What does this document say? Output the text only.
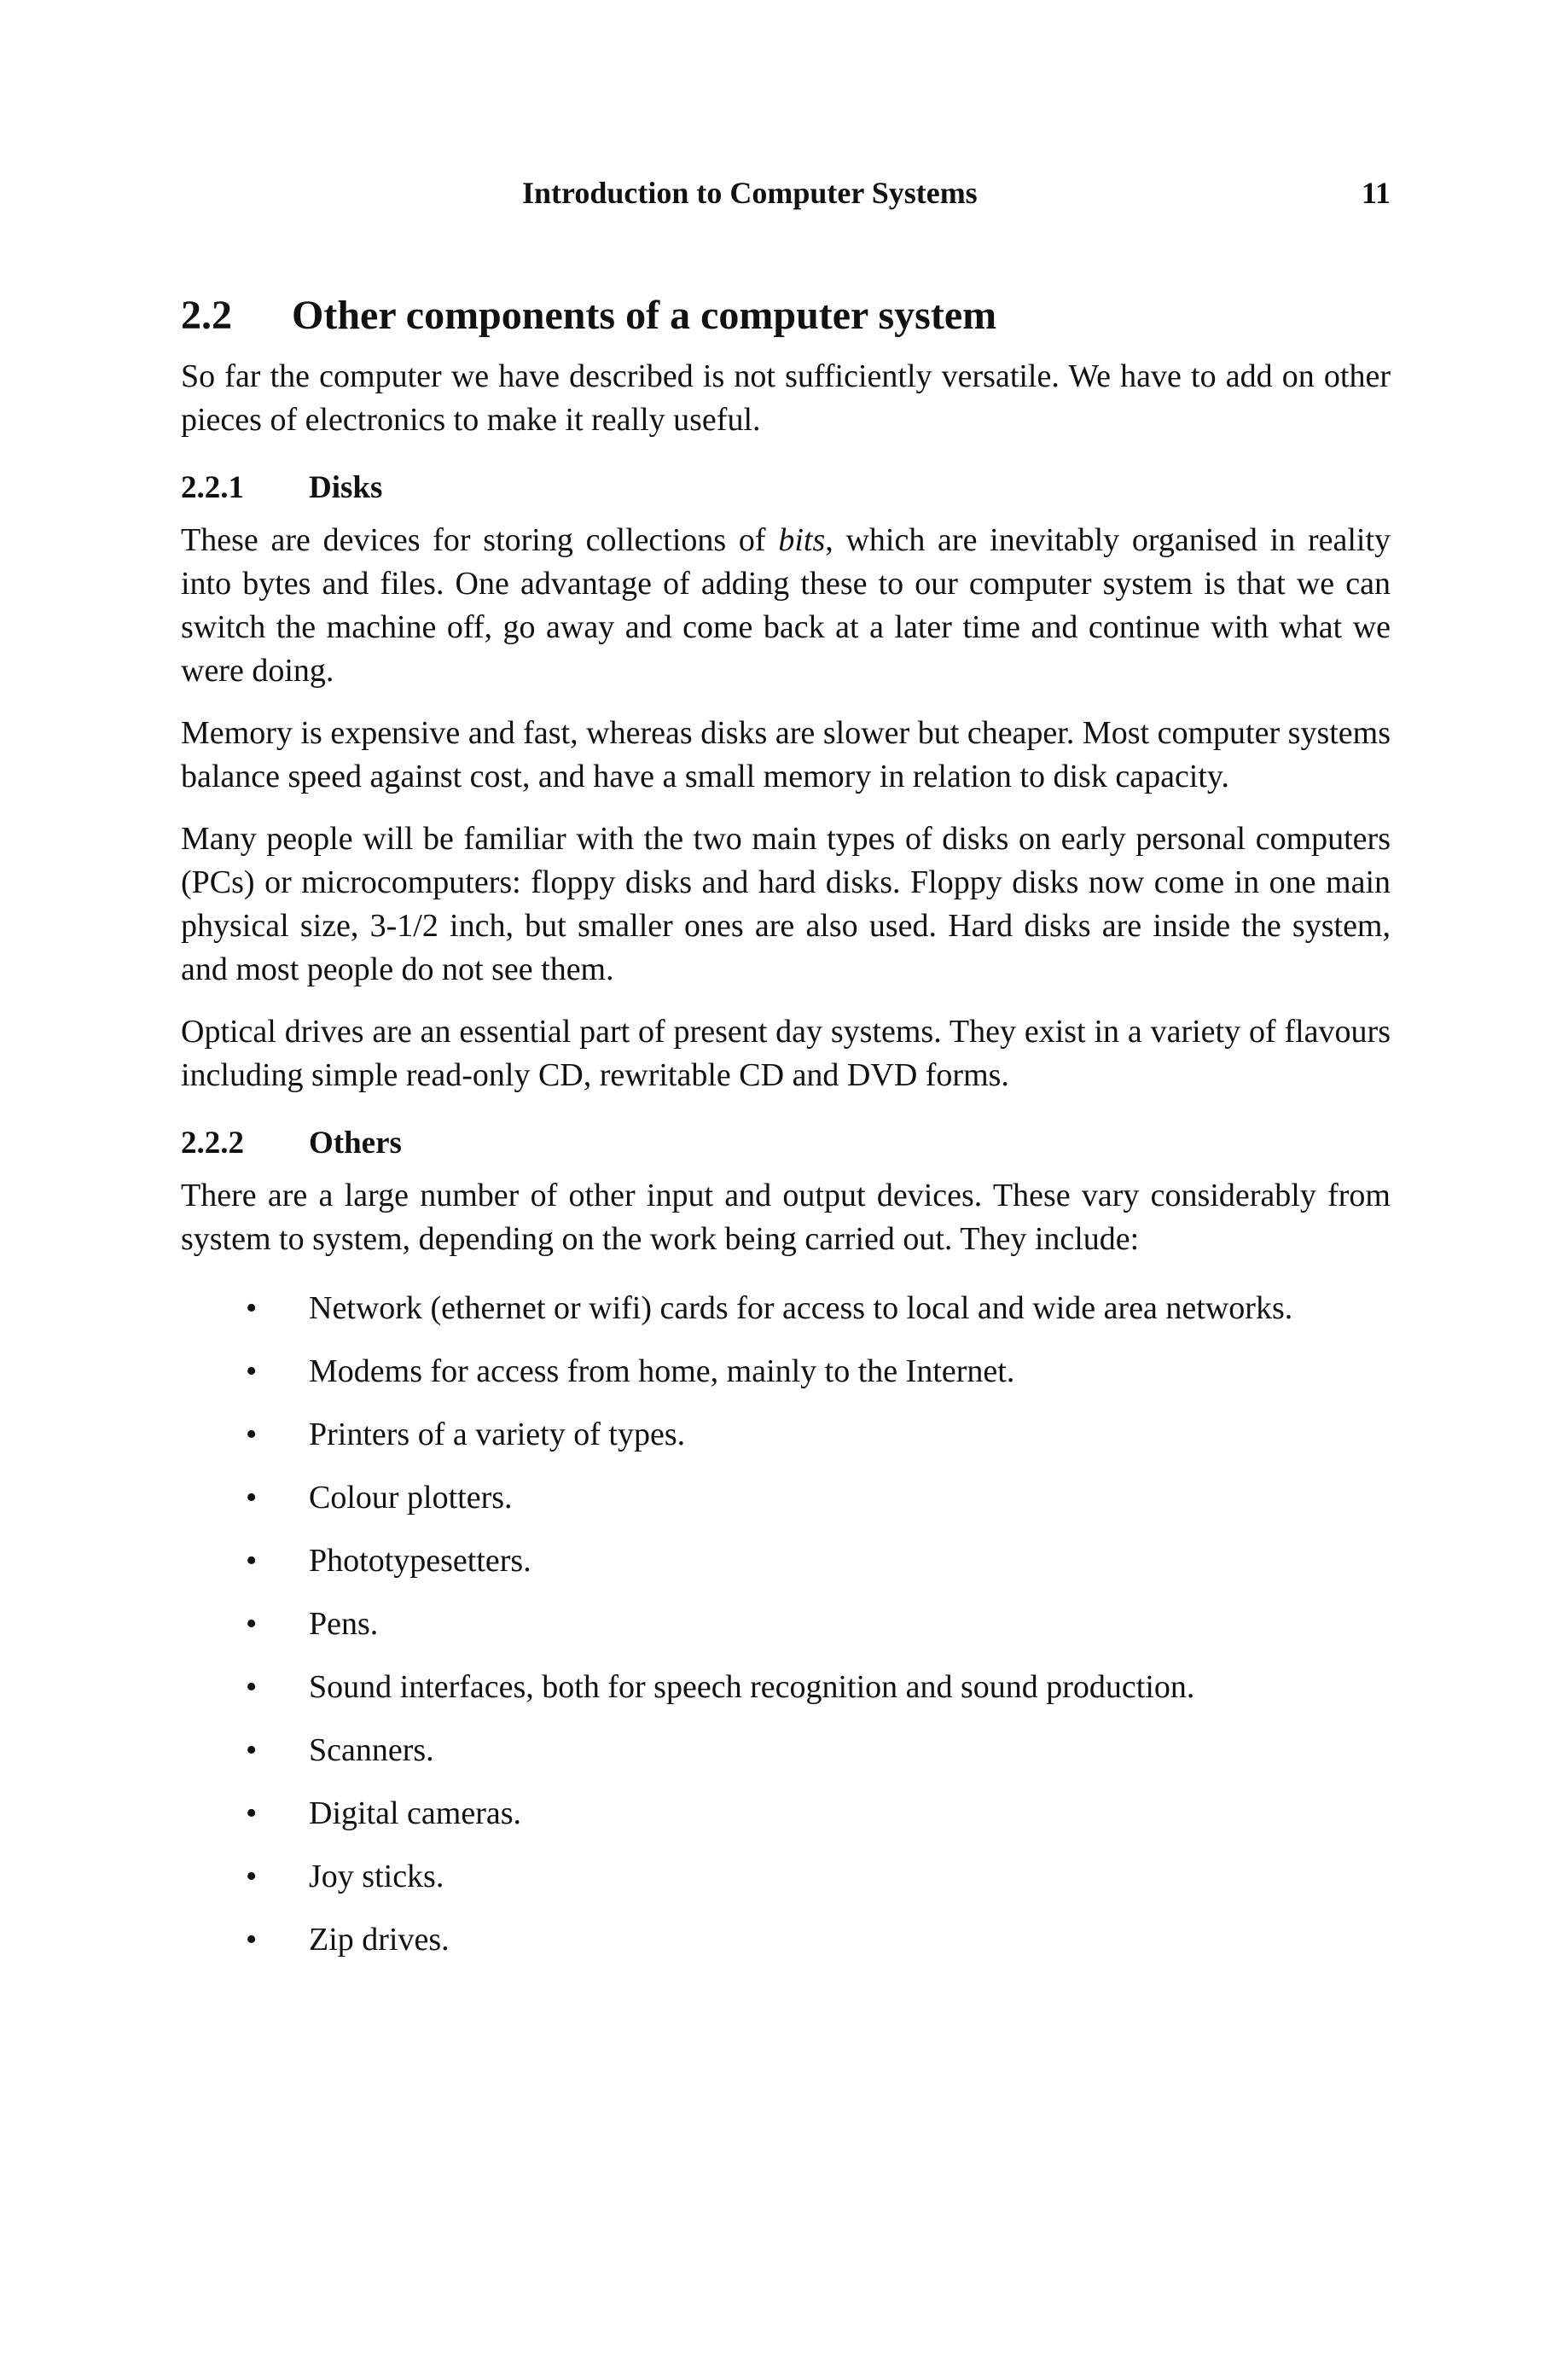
Introduction to Computer Systems	11
2.2 Other components of a computer system

So far the computer we have described is not sufficiently versatile. We have to add on other pieces of electronics to make it really useful.

2.2.1 Disks

These are devices for storing collections of bits, which are inevitably organised in reality into bytes and files. One advantage of adding these to our computer system is that we can switch the machine off, go away and come back at a later time and continue with what we were doing.

Memory is expensive and fast, whereas disks are slower but cheaper. Most computer systems balance speed against cost, and have a small memory in relation to disk capacity.

Many people will be familiar with the two main types of disks on early personal computers (PCs) or microcomputers: floppy disks and hard disks. Floppy disks now come in one main physical size, 3-1/2 inch, but smaller ones are also used. Hard disks are inside the system, and most people do not see them.

Optical drives are an essential part of present day systems. They exist in a variety of flavours including simple read-only CD, rewritable CD and DVD forms.

2.2.2 Others

There are a large number of other input and output devices. These vary considerably from system to system, depending on the work being carried out. They include:

• Network (ethernet or wifi) cards for access to local and wide area networks.
• Modems for access from home, mainly to the Internet.
• Printers of a variety of types.
• Colour plotters.
• Phototypesetters.
• Pens.
• Sound interfaces, both for speech recognition and sound production.
• Scanners.
• Digital cameras.
• Joy sticks.
• Zip drives.
